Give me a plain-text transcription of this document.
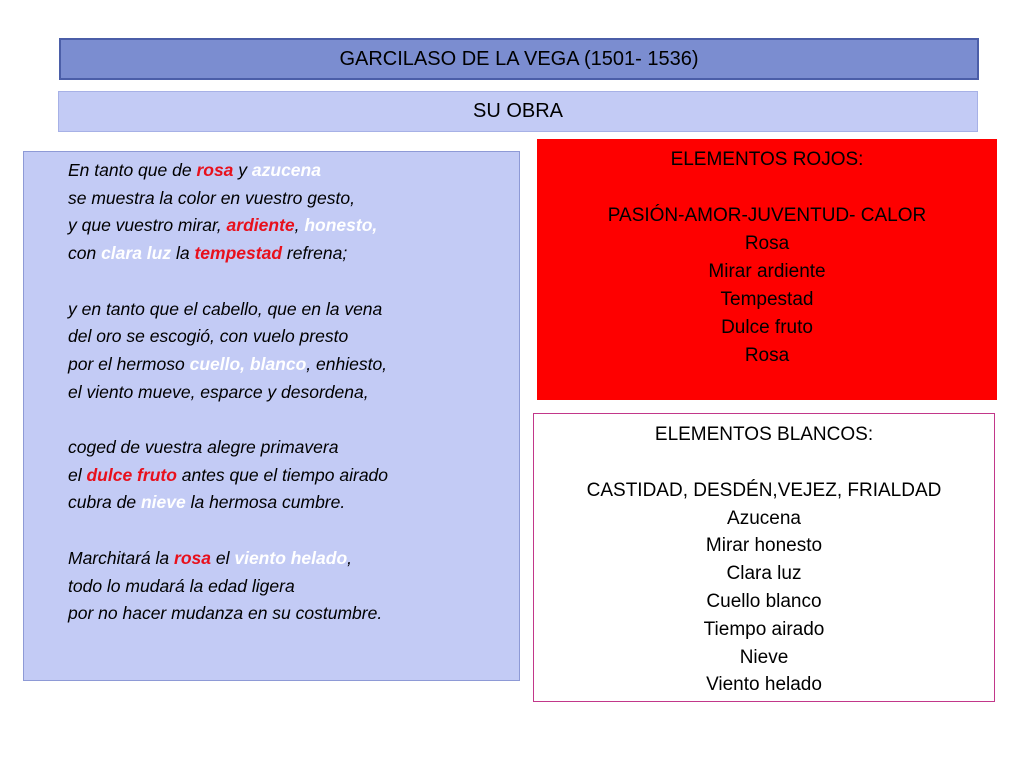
GARCILASO DE LA VEGA (1501- 1536)
SU OBRA
En tanto que de rosa y azucena
se muestra la color en vuestro gesto,
y que vuestro mirar, ardiente, honesto,
con clara luz la tempestad refrena;
y en tanto que el cabello, que en la vena
del oro se escogió, con vuelo presto
por el hermoso cuello, blanco, enhiesto,
el viento mueve, esparce y desordena,
coged de vuestra alegre primavera
el dulce fruto antes que el tiempo airado
cubra de nieve la hermosa cumbre.
Marchitará la rosa el viento helado,
todo lo mudará la edad ligera
por no hacer mudanza en su costumbre.
ELEMENTOS ROJOS:
PASIÓN-AMOR-JUVENTUD- CALOR
Rosa
Mirar ardiente
Tempestad
Dulce fruto
Rosa
ELEMENTOS BLANCOS:
CASTIDAD, DESDÉN,VEJEZ, FRIALDAD
Azucena
Mirar honesto
Clara luz
Cuello blanco
Tiempo airado
Nieve
Viento helado
